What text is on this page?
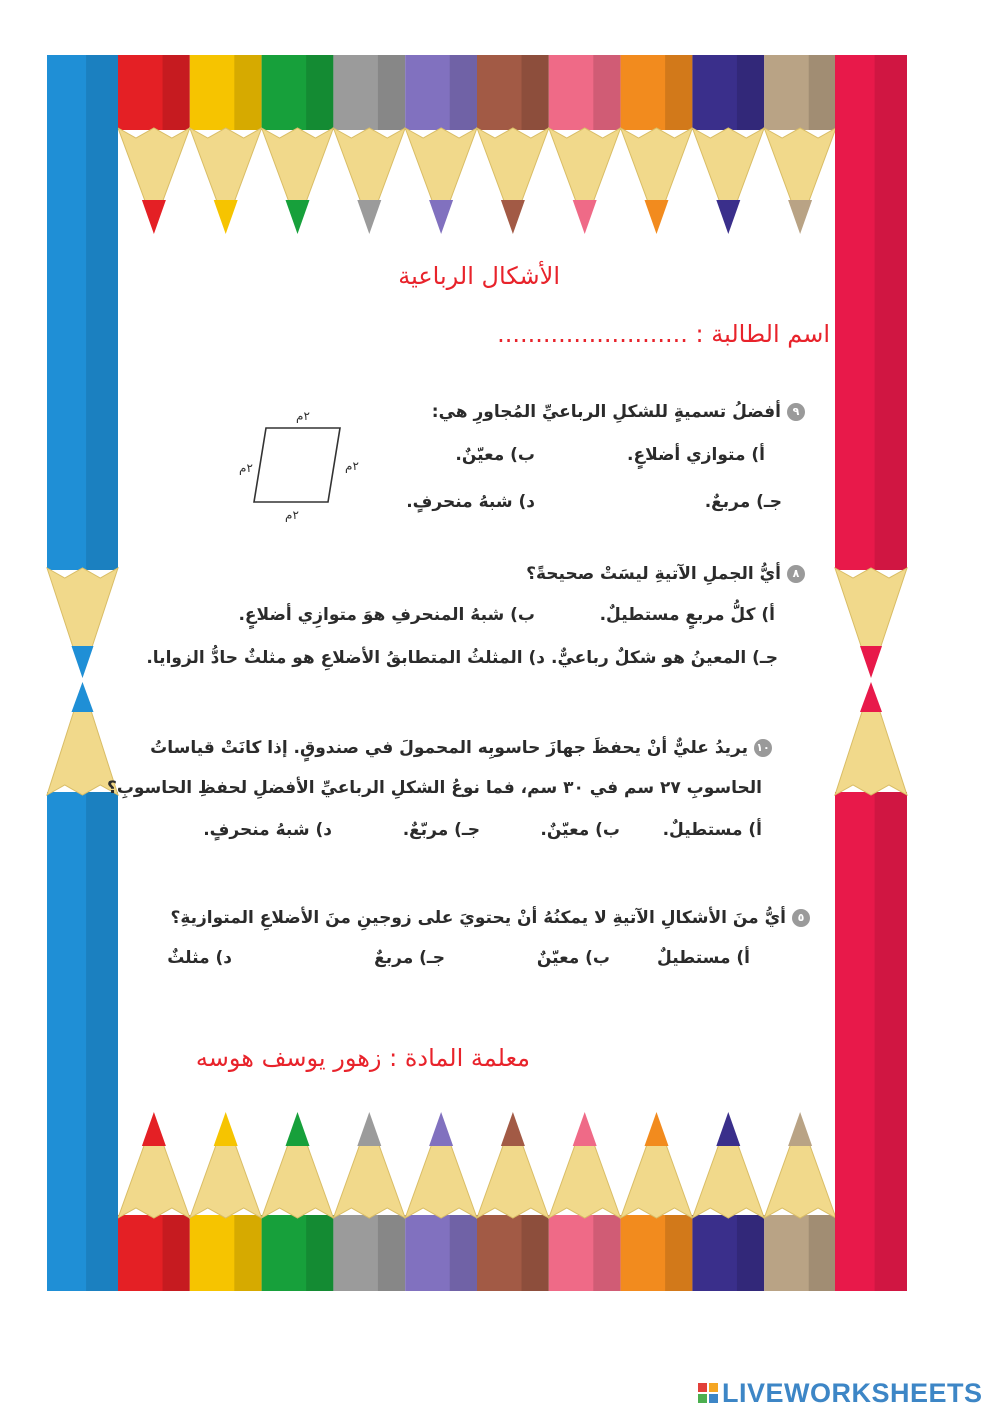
الأشكال الرباعية
اسم الطالبة : .........................
٩أفضلُ تسميةٍ للشكلِ الرباعيِّ المُجاورِ هي:
٢م
٢م	٢م
٢م
أ) متوازي أضلاعٍ.
ب) معيّنٌ.
جـ) مربعٌ.
د) شبهُ منحرفٍ.
٨أيُّ الجملِ الآتيةِ ليسَتْ صحيحةً؟
أ) كلُّ مربعٍ مستطيلٌ.
ب) شبهُ المنحرفِ هوَ متوازِي أضلاعٍ.
جـ) المعينُ هو شكلٌ رباعيٌّ.
د) المثلثُ المتطابقُ الأضلاعِ هو مثلثٌ حادُّ الزوايا.
١٠يريدُ عليٌّ أنْ يحفظَ جهازَ حاسوبِه المحمولَ في صندوقٍ. إذا كانَتْ قياساتُ
الحاسوبِ ٢٧ سم في ٣٠ سم، فما نوعُ الشكلِ الرباعيِّ الأفضلِ لحفظِ الحاسوبِ؟
أ) مستطيلٌ.
ب) معيّنٌ.
جـ) مربّعٌ.
د) شبهُ منحرفٍ.
٥أيُّ منَ الأشكالِ الآتيةِ لا يمكنُهُ أنْ يحتويَ على زوجينِ منَ الأضلاعِ المتوازيةِ؟
أ) مستطيلٌ
ب) معيّنٌ
جـ) مربعٌ
د) مثلثٌ
معلمة المادة : زهور يوسف هوسه
LIVEWORKSHEETS
